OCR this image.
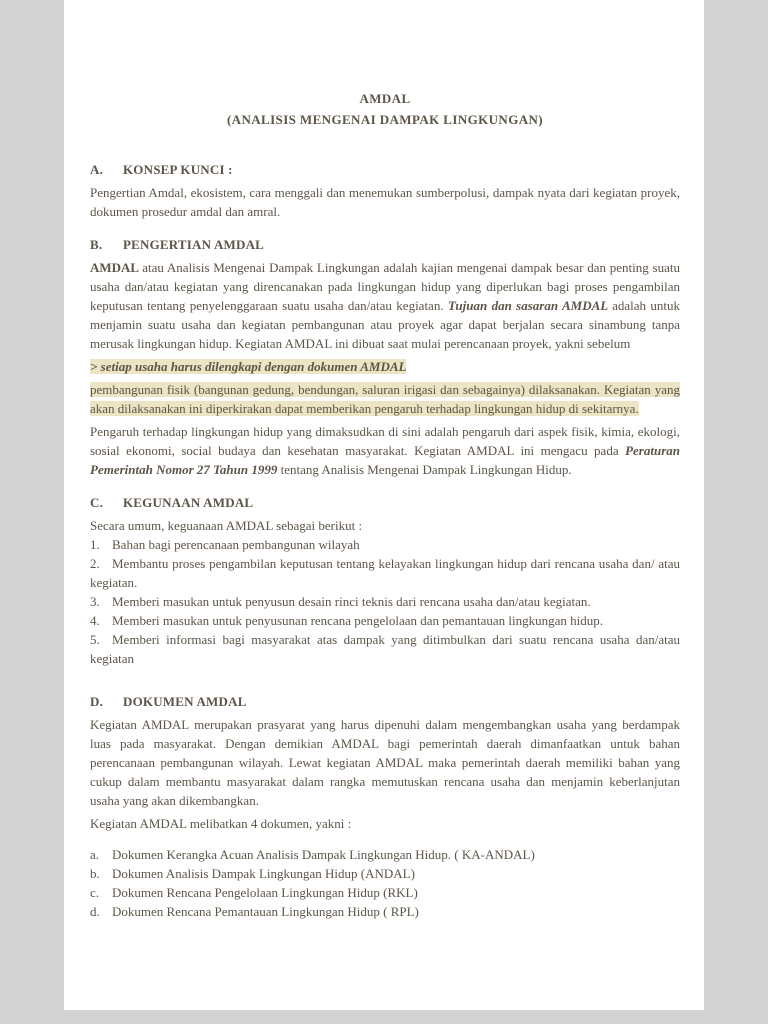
AMDAL
(ANALISIS MENGENAI DAMPAK LINGKUNGAN)
A. KONSEP KUNCI :
Pengertian Amdal, ekosistem, cara menggali dan menemukan sumberpolusi, dampak nyata dari kegiatan proyek, dokumen prosedur amdal dan amral.
B. PENGERTIAN AMDAL
AMDAL atau Analisis Mengenai Dampak Lingkungan adalah kajian mengenai dampak besar dan penting suatu usaha dan/atau kegiatan yang direncanakan pada lingkungan hidup yang diperlukan bagi proses pengambilan keputusan tentang penyelenggaraan suatu usaha dan/atau kegiatan. Tujuan dan sasaran AMDAL adalah untuk menjamin suatu usaha dan kegiatan pembangunan atau proyek agar dapat berjalan secara sinambung tanpa merusak lingkungan hidup. Kegiatan AMDAL ini dibuat saat mulai perencanaan proyek, yakni sebelum
> setiap usaha harus dilengkapi dengan dokumen AMDAL
pembangunan fisik (bangunan gedung, bendungan, saluran irigasi dan sebagainya) dilaksanakan. Kegiatan yang akan dilaksanakan ini diperkirakan dapat memberikan pengaruh terhadap lingkungan hidup di sekitarnya.
Pengaruh terhadap lingkungan hidup yang dimaksudkan di sini adalah pengaruh dari aspek fisik, kimia, ekologi, sosial ekonomi, social budaya dan kesehatan masyarakat. Kegiatan AMDAL ini mengacu pada Peraturan Pemerintah Nomor 27 Tahun 1999 tentang Analisis Mengenai Dampak Lingkungan Hidup.
C. KEGUNAAN AMDAL
Secara umum, keguanaan AMDAL sebagai berikut :
1. Bahan bagi perencanaan pembangunan wilayah
2. Membantu proses pengambilan keputusan tentang kelayakan lingkungan hidup dari rencana usaha dan/ atau kegiatan.
3. Memberi masukan untuk penyusun desain rinci teknis dari rencana usaha dan/atau kegiatan.
4. Memberi masukan untuk penyusunan rencana pengelolaan dan pemantauan lingkungan hidup.
5. Memberi informasi bagi masyarakat atas dampak yang ditimbulkan dari suatu rencana usaha dan/atau kegiatan
D. DOKUMEN AMDAL
Kegiatan AMDAL merupakan prasyarat yang harus dipenuhi dalam mengembangkan usaha yang berdampak luas pada masyarakat. Dengan demikian AMDAL bagi pemerintah daerah dimanfaatkan untuk bahan perencanaan pembangunan wilayah. Lewat kegiatan AMDAL maka pemerintah daerah memiliki bahan yang cukup dalam membantu masyarakat dalam rangka memutuskan rencana usaha dan menjamin keberlanjutan usaha yang akan dikembangkan.
Kegiatan AMDAL melibatkan 4 dokumen, yakni :
a. Dokumen Kerangka Acuan Analisis Dampak Lingkungan Hidup. ( KA-ANDAL)
b. Dokumen Analisis Dampak Lingkungan Hidup (ANDAL)
c. Dokumen Rencana Pengelolaan Lingkungan Hidup (RKL)
d. Dokumen Rencana Pemantauan Lingkungan Hidup ( RPL)
